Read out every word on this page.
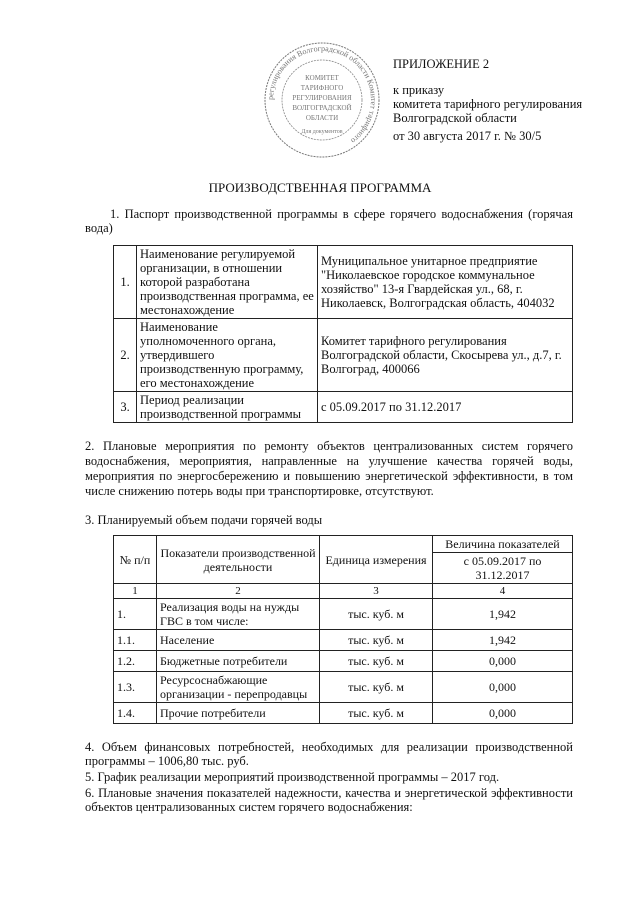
регулирования Волгоградской области Комитет тарифного
КОМИТЕТ
ТАРИФНОГО
РЕГУЛИРОВАНИЯ
ВОЛГОГРАДСКОЙ
ОБЛАСТИ
Для документов
ПРИЛОЖЕНИЕ 2
к приказу
комитета тарифного регулирования
Волгоградской области
от 30 августа 2017 г. № 30/5
ПРОИЗВОДСТВЕННАЯ ПРОГРАММА
1. Паспорт производственной программы в сфере горячего водоснабжения (горячая вода)
1.	Наименование регулируемой организации, в отношении которой разработана производственная программа, ее местонахождение	Муниципальное унитарное предприятие "Николаевское городское коммунальное хозяйство" 13-я Гвардейская ул., 68, г. Николаевск, Волгоградская область, 404032
2.	Наименование уполномоченного органа, утвердившего производственную программу, его местонахождение	Комитет тарифного регулирования Волгоградской области, Скосырева ул., д.7, г. Волгоград, 400066
3.	Период реализации производственной программы	с 05.09.2017 по 31.12.2017
2. Плановые мероприятия по ремонту объектов централизованных систем горячего водоснабжения, мероприятия, направленные на улучшение качества горячей воды, мероприятия по энергосбережению и повышению энергетической эффективности, в том числе снижению потерь воды при транспортировке, отсутствуют.
3. Планируемый объем подачи горячей воды
№ п/п	Показатели производственной деятельности	Единица измерения	Величина показателей
			с 05.09.2017 по 31.12.2017
1	2	3	4
1.	Реализация воды на нужды ГВС в том числе:	тыс. куб. м	1,942
1.1.	Население	тыс. куб. м	1,942
1.2.	Бюджетные потребители	тыс. куб. м	0,000
1.3.	Ресурсоснабжающие организации - перепродавцы	тыс. куб. м	0,000
1.4.	Прочие потребители	тыс. куб. м	0,000
4. Объем финансовых потребностей, необходимых для реализации производственной программы – 1006,80 тыс. руб.
5. График реализации мероприятий производственной программы – 2017 год.
6. Плановые значения показателей надежности, качества и энергетической эффективности объектов централизованных систем горячего водоснабжения:
